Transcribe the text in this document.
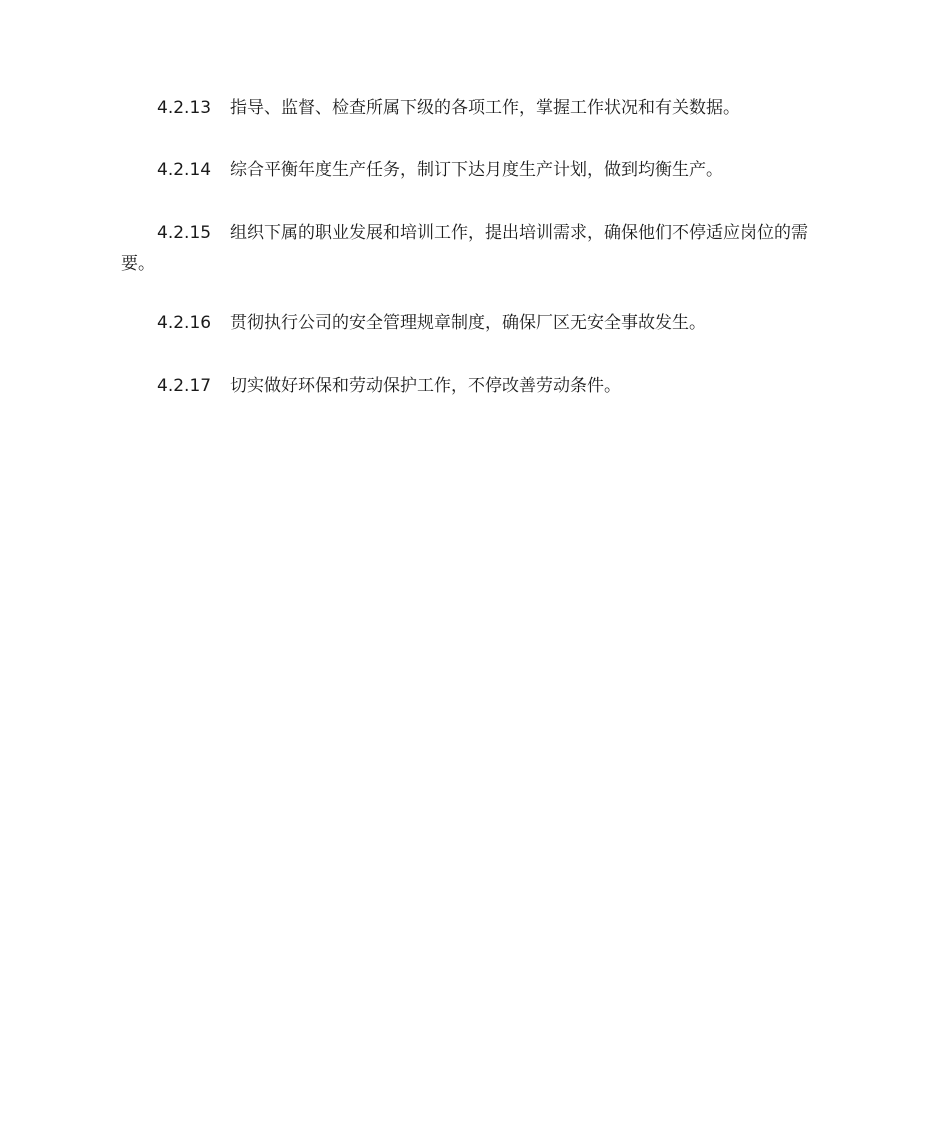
4.2.13 指导、监督、检查所属下级的各项工作，掌握工作状况和有关数据。

4.2.14 综合平衡年度生产任务，制订下达月度生产计划，做到均衡生产。

4.2.15 组织下属的职业发展和培训工作，提出培训需求，确保他们不停适应岗位的需要。

4.2.16 贯彻执行公司的安全管理规章制度，确保厂区无安全事故发生。

4.2.17 切实做好环保和劳动保护工作，不停改善劳动条件。
